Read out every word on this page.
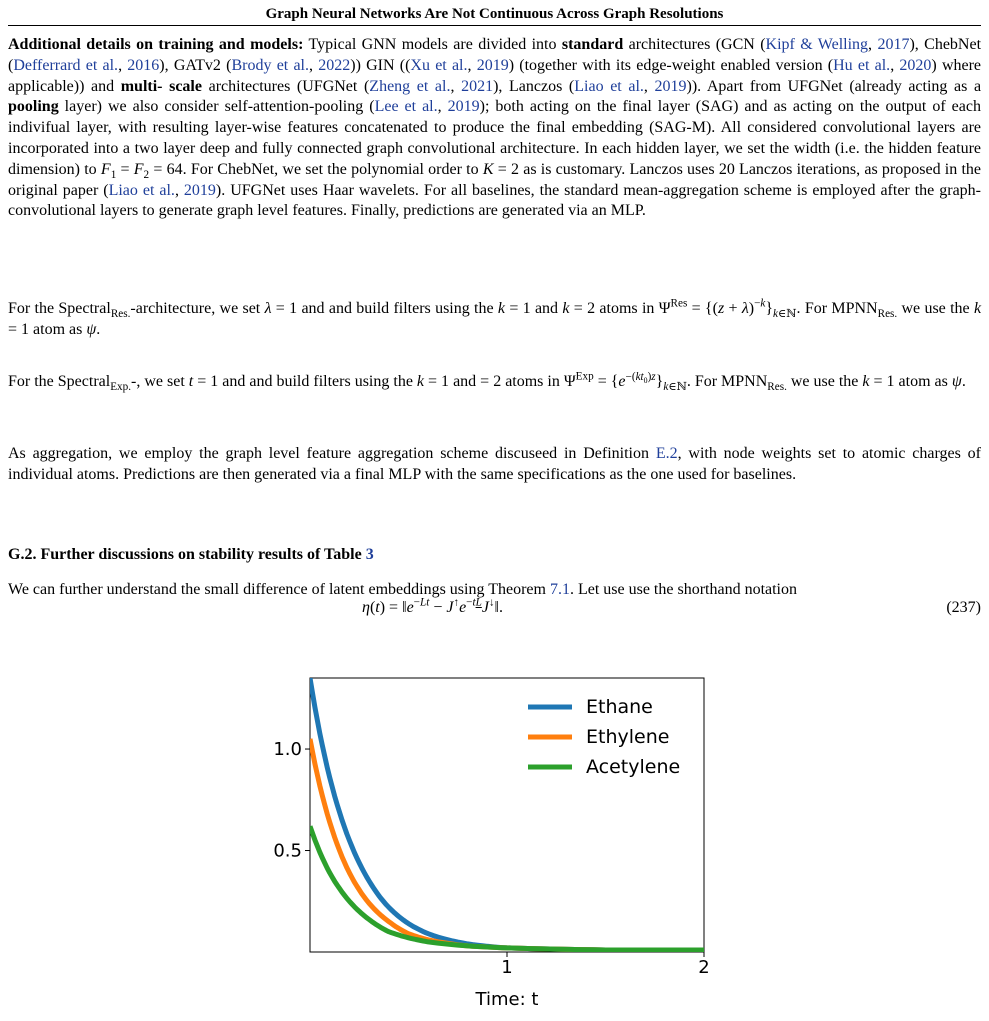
Graph Neural Networks Are Not Continuous Across Graph Resolutions

Additional details on training and models: Typical GNN models are divided into standard architectures (GCN (Kipf & Welling, 2017), ChebNet (Defferrard et al., 2016), GATv2 (Brody et al., 2022)) GIN ((Xu et al., 2019) (together with its edge-weight enabled version (Hu et al., 2020) where applicable)) and multi- scale architectures (UFGNet (Zheng et al., 2021), Lanczos (Liao et al., 2019)). Apart from UFGNet (already acting as a pooling layer) we also consider self-attention-pooling (Lee et al., 2019); both acting on the final layer (SAG) and as acting on the output of each indivifual layer, with resulting layer-wise features concatenated to produce the final embedding (SAG-M). All considered convolutional layers are incorporated into a two layer deep and fully connected graph convolutional architecture. In each hidden layer, we set the width (i.e. the hidden feature dimension) to $F_1 = F_2 = 64$. For ChebNet, we set the polynomial order to K = 2 as is customary. Lanczos uses 20 Lanczos iterations, as proposed in the original paper (Liao et al., 2019). UFGNet uses Haar wavelets. For all baselines, the standard mean-aggregation scheme is employed after the graph-convolutional layers to generate graph level features. Finally, predictions are generated via an MLP.

For the Spectral$_{Res.}$-architecture, we set λ = 1 and and build filters using the k = 1 and k = 2 atoms in $\Psi^{Res} = \{(z + \lambda)^{-k}\}_{k\in ℕ}$. For $MPNN_{Res.}$ we use the k = 1 atom as ψ.

For the Spectral$_{Exp.}$-, we set t = 1 and and build filters using the k = 1 and = 2 atoms in $\Psi^{Exp} = \{e^{-(kt_0)z}\}_{k\in ℕ}$. For $MPNN_{Res.}$ we use the k = 1 atom as ψ.

As aggregation, we employ the graph level feature aggregation scheme discuseed in Definition E.2, with node weights set to atomic charges of individual atoms. Predictions are then generated via a final MLP with the same specifications as the one used for baselines.

G.2. Further discussions on stability results of Table 3

We can further understand the small difference of latent embeddings using Theorem 7.1. Let use use the shorthand notation

$\eta(t) = ‖e^{-Lt}$ − $J^↑e^{-tL}J^↓‖$.	(237)
1	2
0.5
1.0
Ethane
Ethylene
Acetylene
Time: t
